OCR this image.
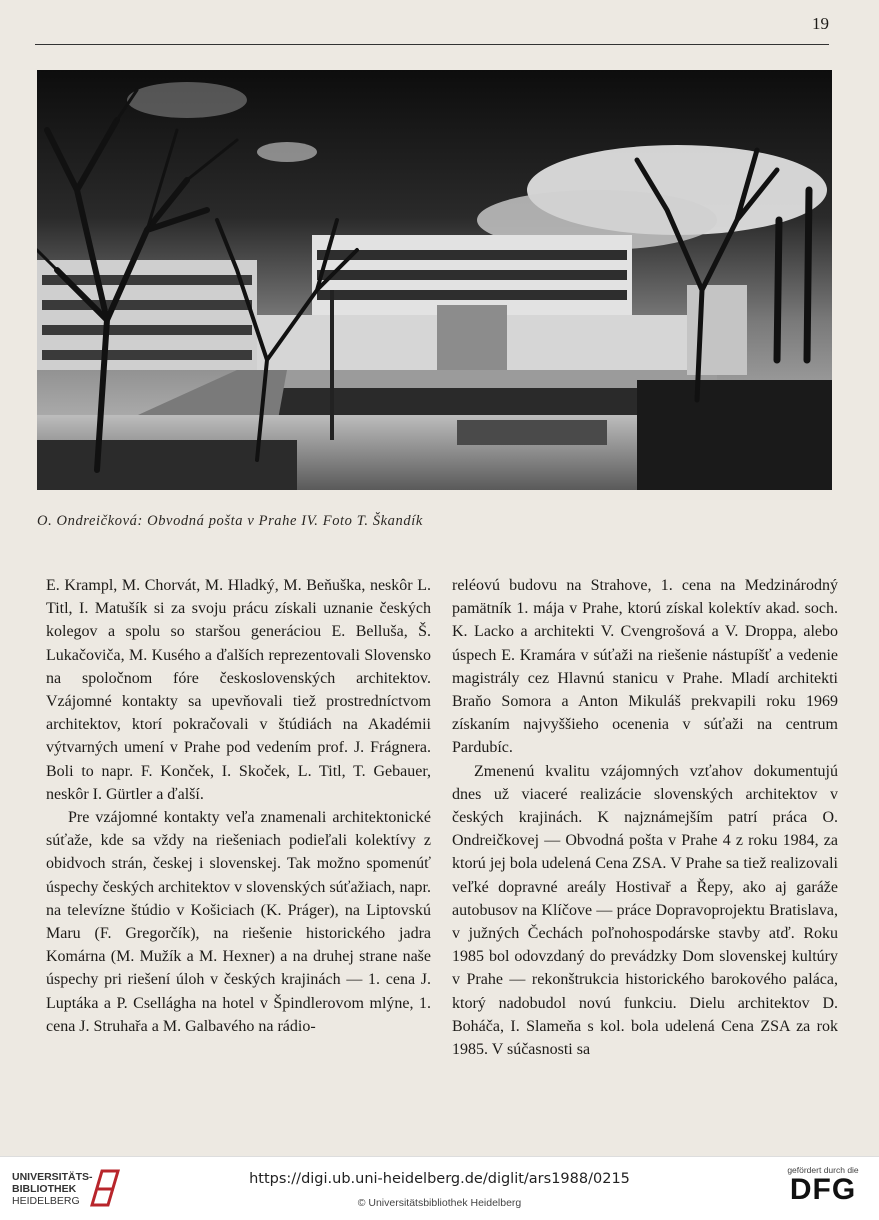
19
O. Ondreičková: Obvodná pošta v Prahe IV. Foto T. Škandík

E. Krampl, M. Chorvát, M. Hladký, M. Beňuška, neskôr L. Titl, I. Matušík si za svoju prácu získali uznanie českých kolegov a spolu so staršou generáciou E. Belluša, Š. Lukačoviča, M. Kusého a ďalších reprezentovali Slovensko na spoločnom fóre československých architektov. Vzájomné kontakty sa upevňovali tiež prostredníctvom architektov, ktorí pokračovali v štúdiách na Akadémii výtvarných umení v Prahe pod vedením prof. J. Frágnera. Boli to napr. F. Konček, I. Skoček, L. Titl, T. Gebauer, neskôr I. Gürtler a ďalší.

Pre vzájomné kontakty veľa znamenali architektonické súťaže, kde sa vždy na riešeniach podieľali kolektívy z obidvoch strán, českej i slovenskej. Tak možno spomenúť úspechy českých architektov v slovenských súťažiach, napr. na televízne štúdio v Košiciach (K. Práger), na Liptovskú Maru (F. Gregorčík), na riešenie historického jadra Komárna (M. Mužík a M. Hexner) a na druhej strane naše úspechy pri riešení úloh v českých krajinách — 1. cena J. Luptáka a P. Csellágha na hotel v Špindlerovom mlýne, 1. cena J. Struhařa a M. Galbavého na rádio-

reléovú budovu na Strahove, 1. cena na Medzinárodný pamätník 1. mája v Prahe, ktorú získal kolektív akad. soch. K. Lacko a architekti V. Cvengrošová a V. Droppa, alebo úspech E. Kramára v súťaži na riešenie nástupíšť a vedenie magistrály cez Hlavnú stanicu v Prahe. Mladí architekti Braňo Somora a Anton Mikuláš prekvapili roku 1969 získaním najvyššieho ocenenia v súťaži na centrum Pardubíc.

Zmenenú kvalitu vzájomných vzťahov dokumentujú dnes už viaceré realizácie slovenských architektov v českých krajinách. K najznámejším patrí práca O. Ondreičkovej — Obvodná pošta v Prahe 4 z roku 1984, za ktorú jej bola udelená Cena ZSA. V Prahe sa tiež realizovali veľké dopravné areály Hostivař a Řepy, ako aj garáže autobusov na Klíčove — práce Dopravoprojektu Bratislava, v južných Čechách poľnohospodárske stavby atď. Roku 1985 bol odovzdaný do prevádzky Dom slovenskej kultúry v Prahe — rekonštrukcia historického barokového paláca, ktorý nadobudol novú funkciu. Dielu architektov D. Boháča, I. Slameňa s kol. bola udelená Cena ZSA za rok 1985. V súčasnosti sa

UNIVERSITÄTS-
BIBLIOTHEK
HEIDELBERG
https://digi.ub.uni-heidelberg.de/diglit/ars1988/0215
© Universitätsbibliothek Heidelberg
gefördert durch die
DFG
